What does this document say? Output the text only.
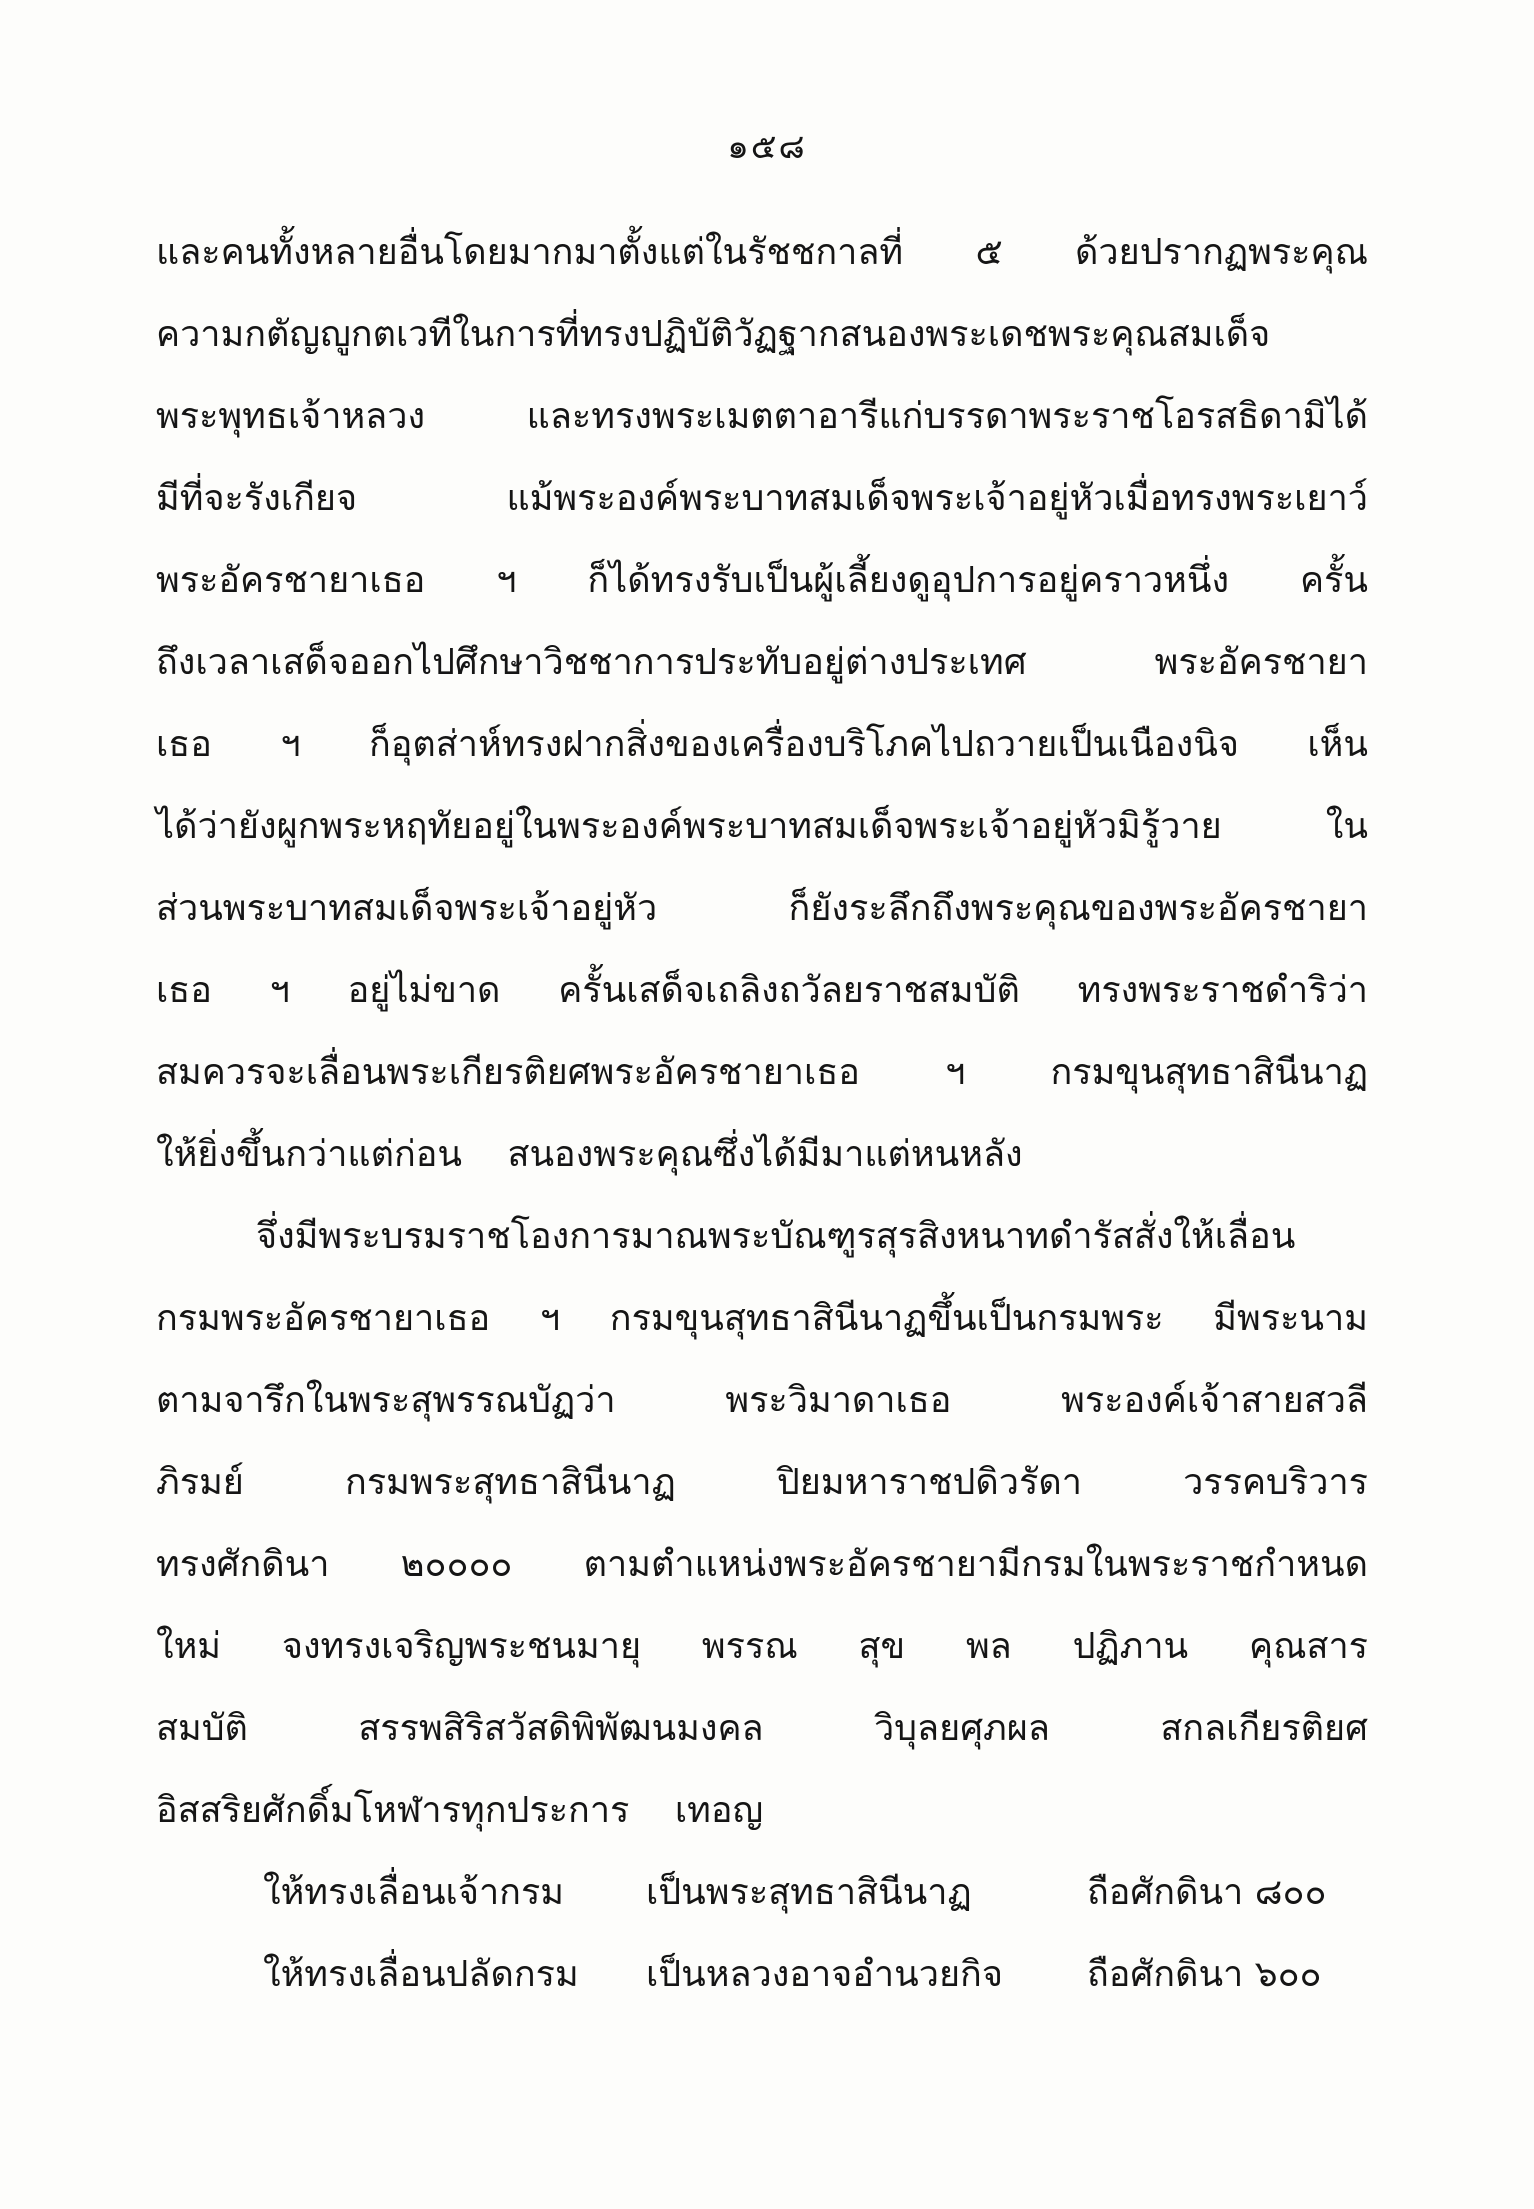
๑๕๘
และคนทั้งหลายอื่นโดยมากมาตั้งแต่ในรัชชกาลที่ ๕ ด้วยปรากฏพระคุณ
ความกตัญญูกตเวทีในการที่ทรงปฏิบัติวัฏฐากสนองพระเดชพระคุณสมเด็จ
พระพุทธเจ้าหลวง และทรงพระเมตตาอารีแก่บรรดาพระราชโอรสธิดามิได้
มีที่จะรังเกียจ แม้พระองค์พระบาทสมเด็จพระเจ้าอยู่หัวเมื่อทรงพระเยาว์
พระอัครชายาเธอ ฯ ก็ได้ทรงรับเป็นผู้เลี้ยงดูอุปการอยู่คราวหนึ่ง ครั้น
ถึงเวลาเสด็จออกไปศึกษาวิชชาการประทับอยู่ต่างประเทศ พระอัครชายา
เธอ ฯ ก็อุตส่าห์ทรงฝากสิ่งของเครื่องบริโภคไปถวายเป็นเนืองนิจ เห็น
ได้ว่ายังผูกพระหฤทัยอยู่ในพระองค์พระบาทสมเด็จพระเจ้าอยู่หัวมิรู้วาย ใน
ส่วนพระบาทสมเด็จพระเจ้าอยู่หัว ก็ยังระลึกถึงพระคุณของพระอัครชายา
เธอ ฯ อยู่ไม่ขาด ครั้นเสด็จเถลิงถวัลยราชสมบัติ ทรงพระราชดำริว่า
สมควรจะเลื่อนพระเกียรติยศพระอัครชายาเธอ ฯ กรมขุนสุทธาสินีนาฏ
ให้ยิ่งขึ้นกว่าแต่ก่อน สนองพระคุณซึ่งได้มีมาแต่หนหลัง
จึ่งมีพระบรมราชโองการมาณพระบัณฑูรสุรสิงหนาทดำรัสสั่งให้เลื่อน
กรมพระอัครชายาเธอ ฯ กรมขุนสุทธาสินีนาฏขึ้นเป็นกรมพระ มีพระนาม
ตามจารึกในพระสุพรรณบัฏว่า พระวิมาดาเธอ พระองค์เจ้าสายสวลี
ภิรมย์ กรมพระสุทธาสินีนาฏ ปิยมหาราชปดิวรัดา วรรคบริวาร
ทรงศักดินา ๒๐๐๐๐ ตามตำแหน่งพระอัครชายามีกรมในพระราชกำหนด
ใหม่ จงทรงเจริญพระชนมายุ พรรณ สุข พล ปฏิภาน คุณสาร
สมบัติ สรรพสิริสวัสดิพิพัฒนมงคล วิบุลยศุภผล สกลเกียรติยศ
อิสสริยศักดิ์มโหฬารทุกประการ เทอญ
ให้ทรงเลื่อนเจ้ากรม	เป็นพระสุทธาสินีนาฏ	ถือศักดินา ๘๐๐
ให้ทรงเลื่อนปลัดกรม	เป็นหลวงอาจอำนวยกิจ	ถือศักดินา ๖๐๐
